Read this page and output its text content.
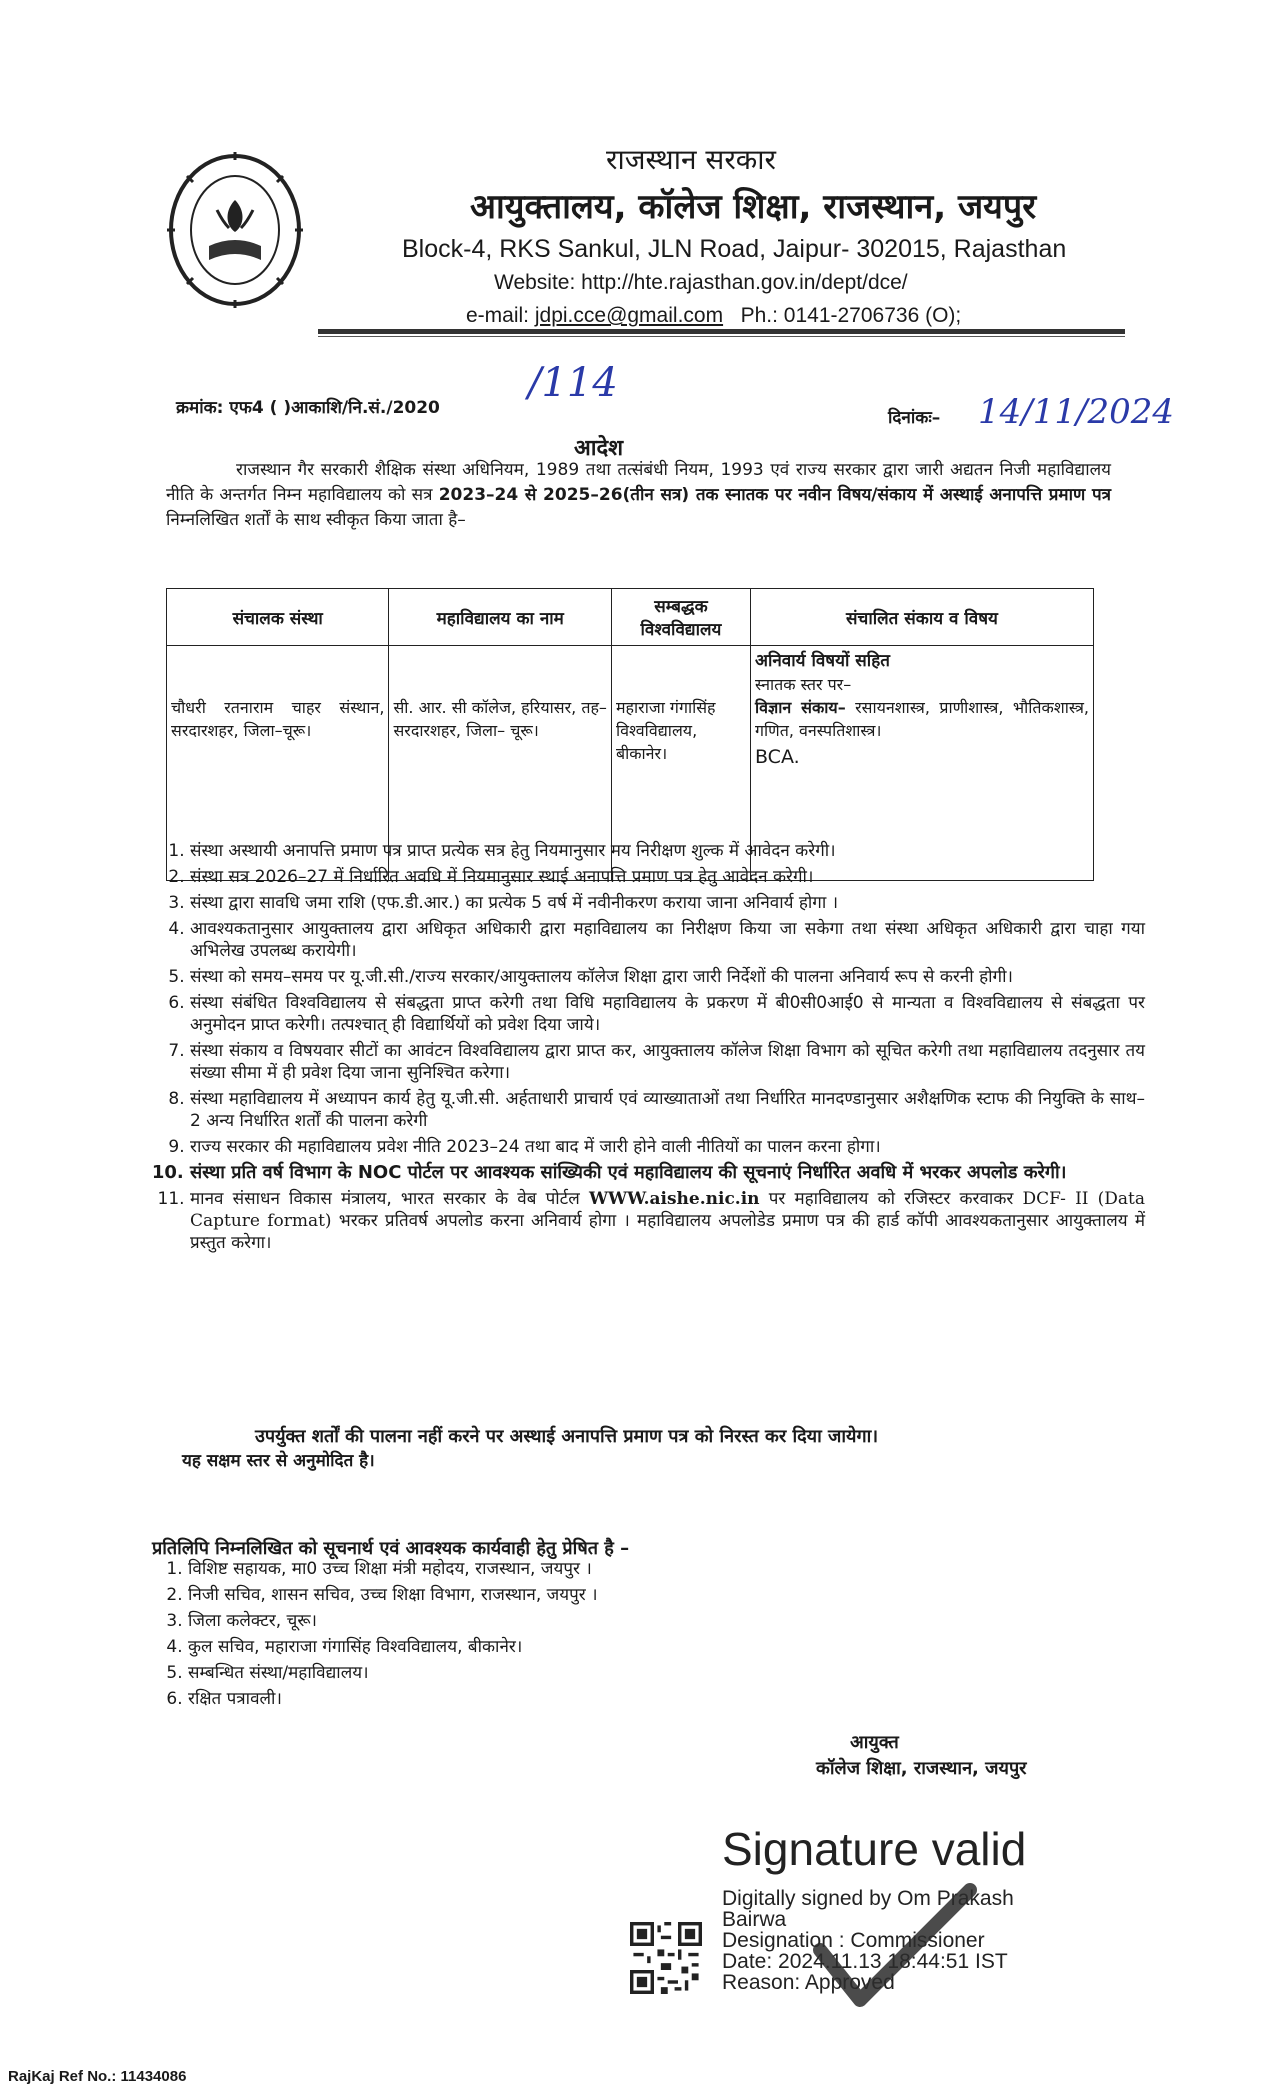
राजस्थान सरकार
आयुक्तालय, कॉलेज शिक्षा, राजस्थान, जयपुर
Block-4, RKS Sankul, JLN Road, Jaipur- 302015, Rajasthan
Website: http://hte.rajasthan.gov.in/dept/dce/
e-mail: jdpi.cce@gmail.com Ph.: 0141-2706736 (O);
क्रमांक: एफ4 ( )आकाशि/नि.सं./2020
/114
दिनांकः– 14/11/2024
आदेश
राजस्थान गैर सरकारी शैक्षिक संस्था अधिनियम, 1989 तथा तत्संबंधी नियम, 1993 एवं राज्य सरकार द्वारा जारी अद्यतन निजी महाविद्यालय नीति के अन्तर्गत निम्न महाविद्यालय को सत्र 2023–24 से 2025–26(तीन सत्र) तक स्नातक पर नवीन विषय/संकाय में अस्थाई अनापत्ति प्रमाण पत्र निम्नलिखित शर्तों के साथ स्वीकृत किया जाता है–
संचालक संस्था	महाविद्यालय का नाम	सम्बद्धक विश्वविद्यालय	संचालित संकाय व विषय
चौधरी रतनाराम चाहर संस्थान, सरदारशहर, जिला–चूरू।	सी. आर. सी कॉलेज, हरियासर, तह–सरदारशहर, जिला– चूरू।	महाराजा गंगासिंह विश्वविद्यालय, बीकानेर।	अनिवार्य विषयों सहित
स्नातक स्तर पर–
विज्ञान संकाय– रसायनशास्त्र, प्राणीशास्त्र, भौतिकशास्त्र, गणित, वनस्पतिशास्त्र।
BCA.
1. संस्था अस्थायी अनापत्ति प्रमाण पत्र प्राप्त प्रत्येक सत्र हेतु नियमानुसार मय निरीक्षण शुल्क में आवेदन करेगी।
2. संस्था सत्र 2026–27 में निर्धारित अवधि में नियमानुसार स्थाई अनापत्ति प्रमाण पत्र हेतु आवेदन करेगी।
3. संस्था द्वारा सावधि जमा राशि (एफ.डी.आर.) का प्रत्येक 5 वर्ष में नवीनीकरण कराया जाना अनिवार्य होगा ।
4. आवश्यकतानुसार आयुक्तालय द्वारा अधिकृत अधिकारी द्वारा महाविद्यालय का निरीक्षण किया जा सकेगा तथा संस्था अधिकृत अधिकारी द्वारा चाहा गया अभिलेख उपलब्ध करायेगी।
5. संस्था को समय–समय पर यू.जी.सी./राज्य सरकार/आयुक्तालय कॉलेज शिक्षा द्वारा जारी निर्देशों की पालना अनिवार्य रूप से करनी होगी।
6. संस्था संबंधित विश्वविद्यालय से संबद्धता प्राप्त करेगी तथा विधि महाविद्यालय के प्रकरण में बी0सी0आई0 से मान्यता व विश्वविद्यालय से संबद्धता पर अनुमोदन प्राप्त करेगी। तत्पश्चात् ही विद्यार्थियों को प्रवेश दिया जाये।
7. संस्था संकाय व विषयवार सीटों का आवंटन विश्वविद्यालय द्वारा प्राप्त कर, आयुक्तालय कॉलेज शिक्षा विभाग को सूचित करेगी तथा महाविद्यालय तदनुसार तय संख्या सीमा में ही प्रवेश दिया जाना सुनिश्चित करेगा।
8. संस्था महाविद्यालय में अध्यापन कार्य हेतु यू.जी.सी. अर्हताधारी प्राचार्य एवं व्याख्याताओं तथा निर्धारित मानदण्डानुसार अशैक्षणिक स्टाफ की नियुक्ति के साथ–2 अन्य निर्धारित शर्तों की पालना करेगी
9. राज्य सरकार की महाविद्यालय प्रवेश नीति 2023–24 तथा बाद में जारी होने वाली नीतियों का पालन करना होगा।
10. संस्था प्रति वर्ष विभाग के NOC पोर्टल पर आवश्यक सांख्यिकी एवं महाविद्यालय की सूचनाएं निर्धारित अवधि में भरकर अपलोड करेगी।
11. मानव संसाधन विकास मंत्रालय, भारत सरकार के वेब पोर्टल WWW.aishe.nic.in पर महाविद्यालय को रजिस्टर करवाकर DCF- II (Data Capture format) भरकर प्रतिवर्ष अपलोड करना अनिवार्य होगा । महाविद्यालय अपलोडेड प्रमाण पत्र की हार्ड कॉपी आवश्यकतानुसार आयुक्तालय में प्रस्तुत करेगा।
उपर्युक्त शर्तों की पालना नहीं करने पर अस्थाई अनापत्ति प्रमाण पत्र को निरस्त कर दिया जायेगा।
यह सक्षम स्तर से अनुमोदित है।
प्रतिलिपि निम्नलिखित को सूचनार्थ एवं आवश्यक कार्यवाही हेतु प्रेषित है –
1. विशिष्ट सहायक, मा0 उच्च शिक्षा मंत्री महोदय, राजस्थान, जयपुर ।
2. निजी सचिव, शासन सचिव, उच्च शिक्षा विभाग, राजस्थान, जयपुर ।
3. जिला कलेक्टर, चूरू।
4. कुल सचिव, महाराजा गंगासिंह विश्वविद्यालय, बीकानेर।
5. सम्बन्धित संस्था/महाविद्यालय।
6. रक्षित पत्रावली।
आयुक्त
कॉलेज शिक्षा, राजस्थान, जयपुर
Signature valid
Digitally signed by Om Prakash
Bairwa
Designation : Commissioner
Date: 2024.11.13 18:44:51 IST
Reason: Approved
RajKaj Ref No.: 11434086
